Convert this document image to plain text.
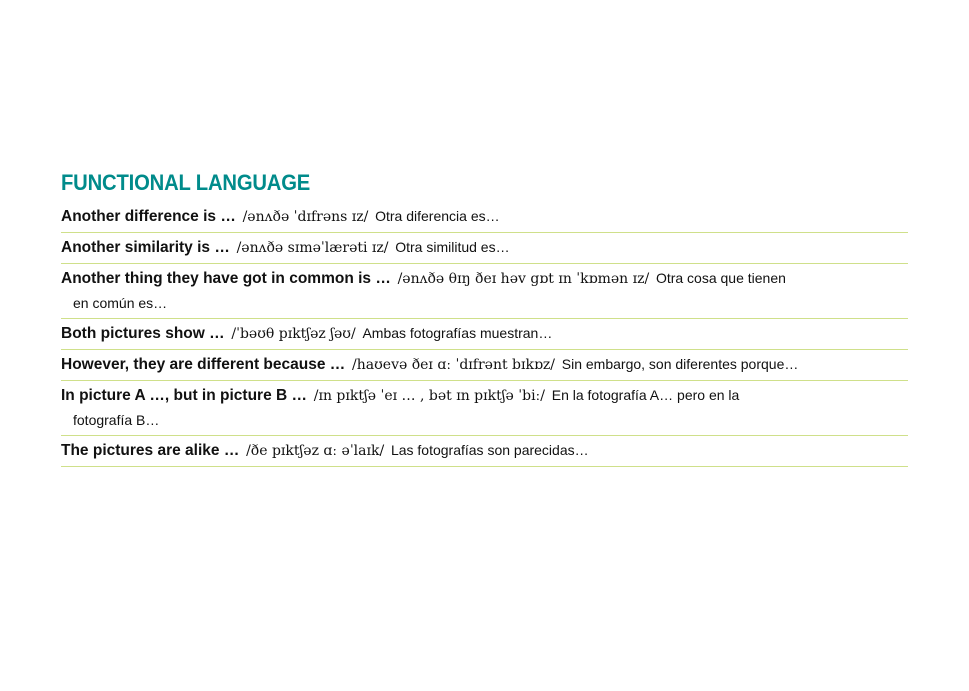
FUNCTIONAL LANGUAGE
Another difference is … /ənʌðə ˈdɪfrəns ɪz/ Otra diferencia es…
Another similarity is … /ənʌðə sɪməˈlærəti ɪz/ Otra similitud es…
Another thing they have got in common is … /ənʌðə θɪŋ ðeɪ həv gɒt ɪn ˈkɒmən ɪz/ Otra cosa que tienen
en común es…
Both pictures show … /ˈbəʊθ pɪktʃəz ʃəʊ/ Ambas fotografías muestran…
However, they are different because … /haʊevə ðeɪ ɑː ˈdɪfrənt bɪkɒz/ Sin embargo, son diferentes porque…
In picture A …, but in picture B … /ɪn pɪktʃə ˈeɪ … , bət ɪn pɪktʃə ˈbiː/ En la fotografía A… pero en la
fotografía B…
The pictures are alike … /ðe pɪktʃəz ɑː əˈlaɪk/ Las fotografías son parecidas…
